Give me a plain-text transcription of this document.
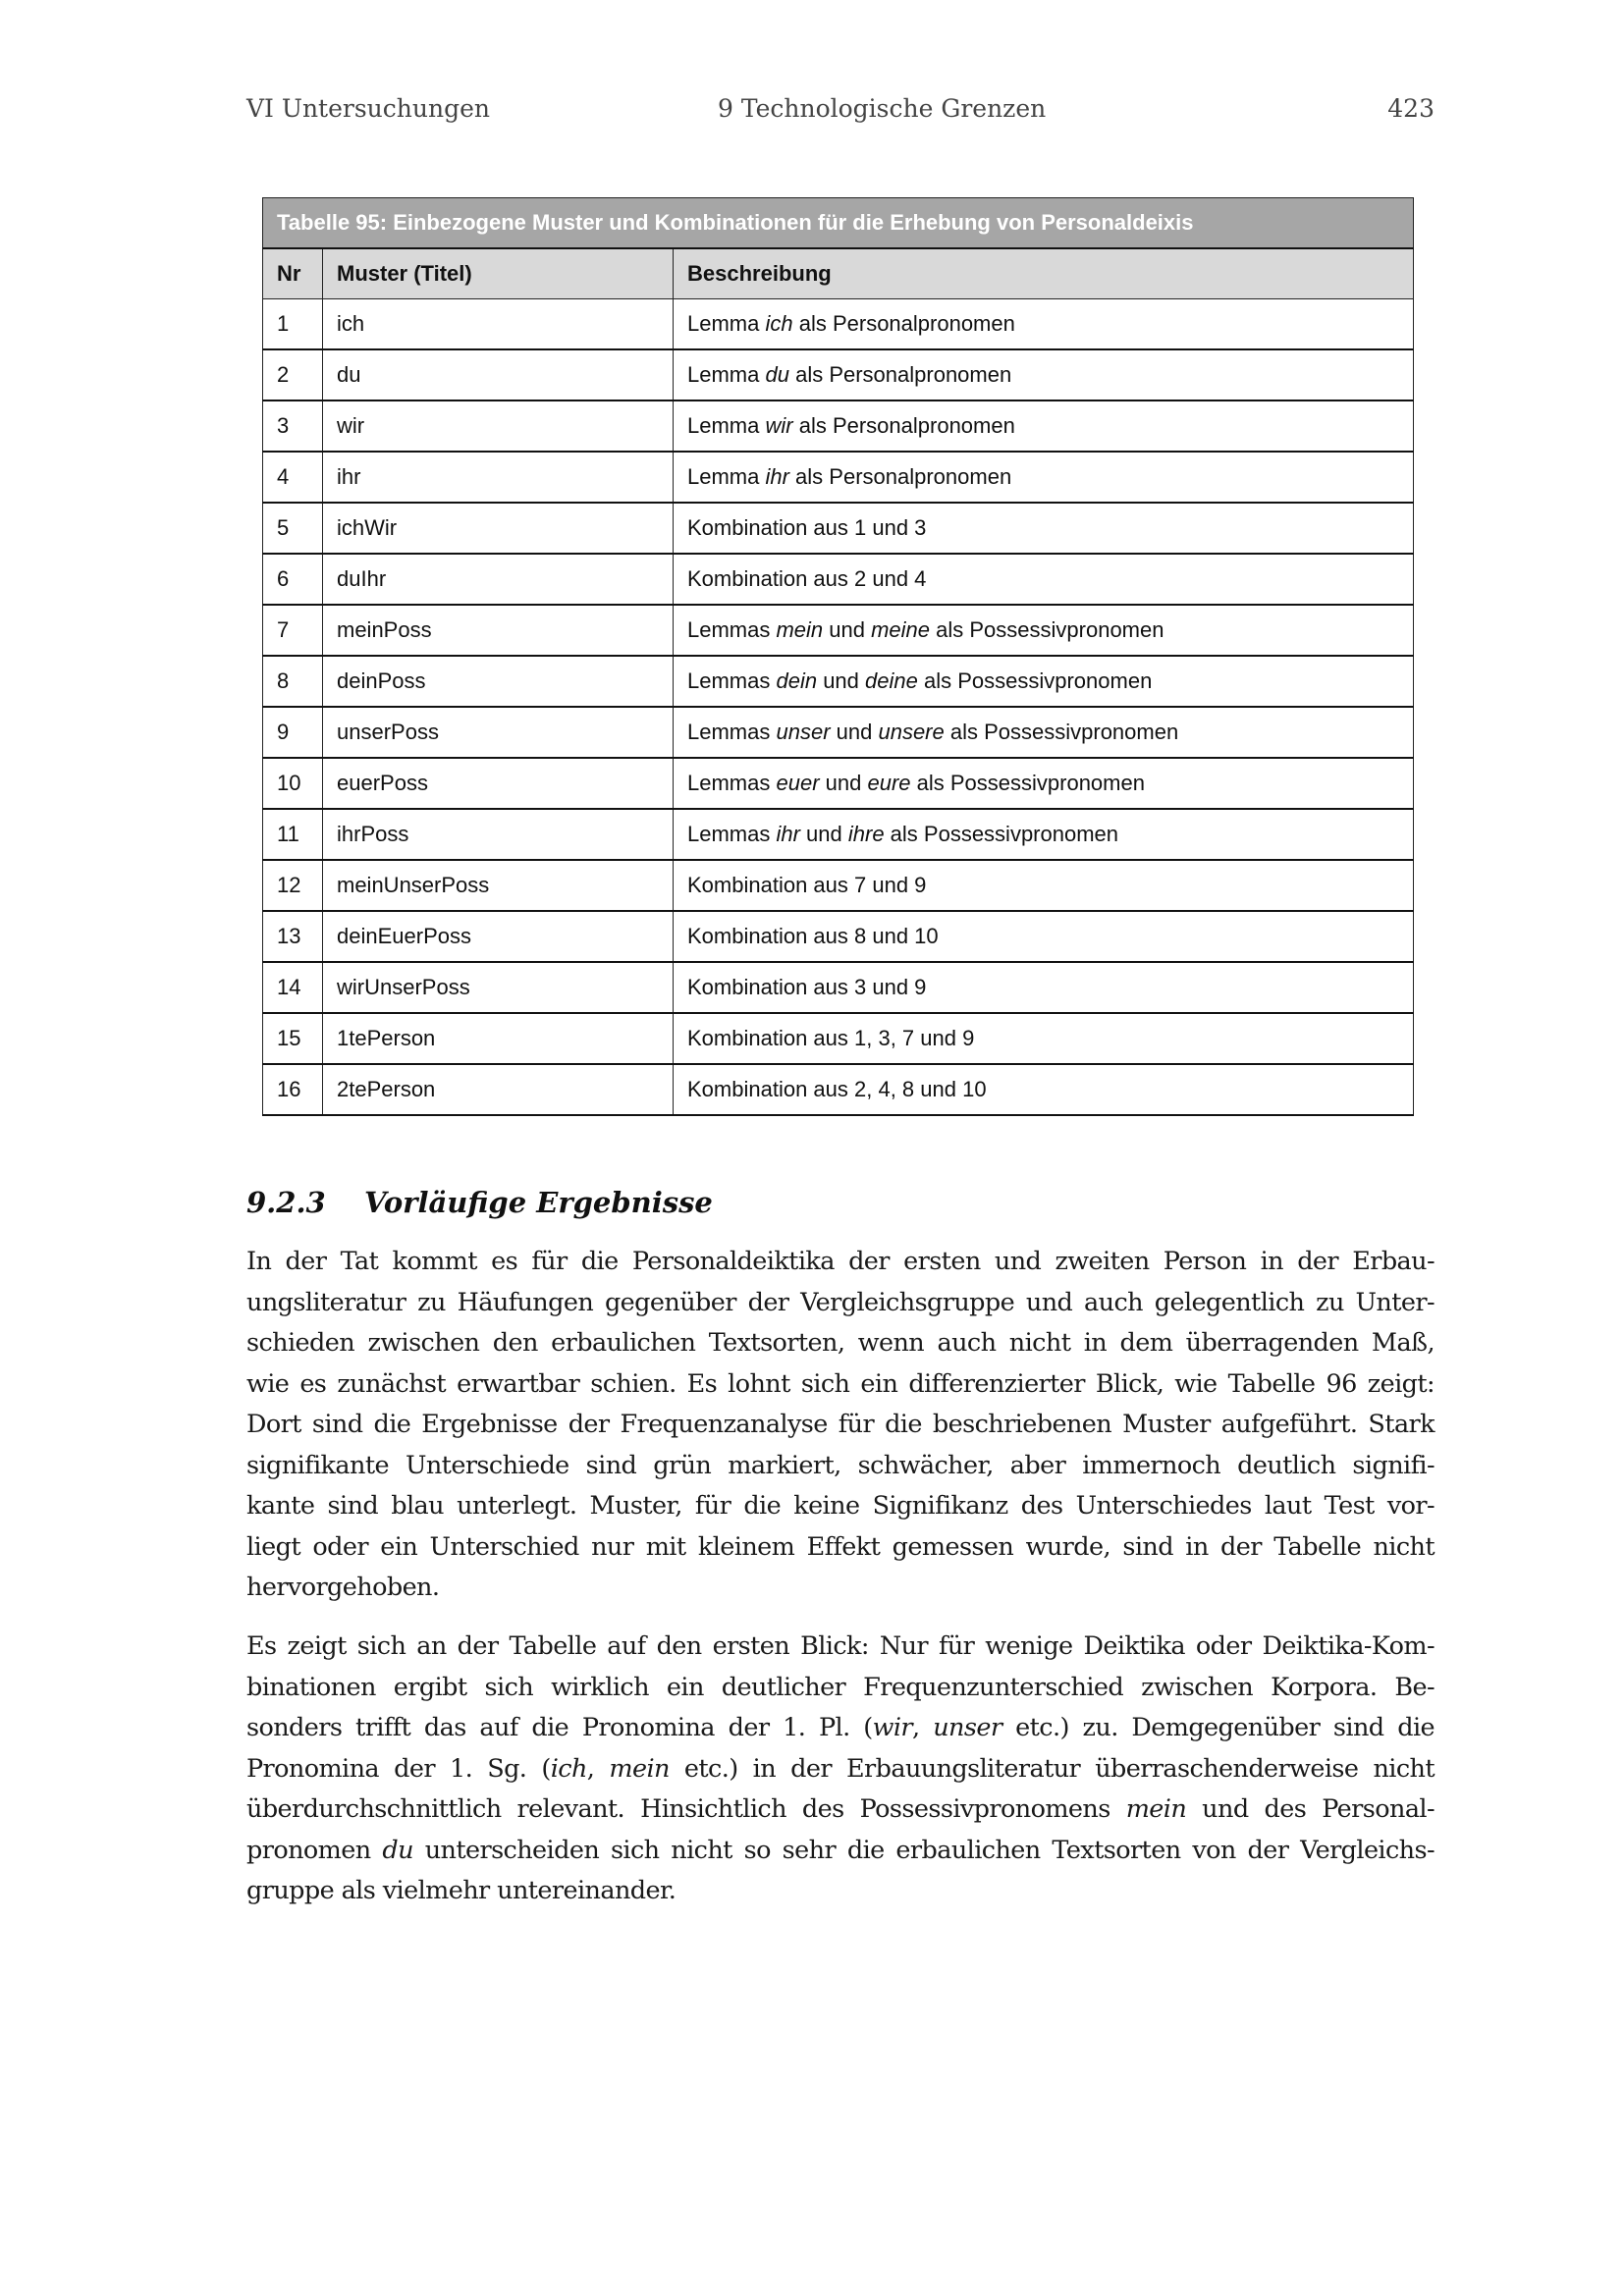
VI Untersuchungen	9 Technologische Grenzen	423
Tabelle 95: Einbezogene Muster und Kombinationen für die Erhebung von Personaldeixis		
Nr	Muster (Titel)	Beschreibung
1	ich	Lemma ich als Personalpronomen
2	du	Lemma du als Personalpronomen
3	wir	Lemma wir als Personalpronomen
4	ihr	Lemma ihr als Personalpronomen
5	ichWir	Kombination aus 1 und 3
6	duIhr	Kombination aus 2 und 4
7	meinPoss	Lemmas mein und meine als Possessivpronomen
8	deinPoss	Lemmas dein und deine als Possessivpronomen
9	unserPoss	Lemmas unser und unsere als Possessivpronomen
10	euerPoss	Lemmas euer und eure als Possessivpronomen
11	ihrPoss	Lemmas ihr und ihre als Possessivpronomen
12	meinUnserPoss	Kombination aus 7 und 9
13	deinEuerPoss	Kombination aus 8 und 10
14	wirUnserPoss	Kombination aus 3 und 9
15	1tePerson	Kombination aus 1, 3, 7 und 9
16	2tePerson	Kombination aus 2, 4, 8 und 10
9.2.3 Vorläufige Ergebnisse
In der Tat kommt es für die Personaldeiktika der ersten und zweiten Person in der Erbau-
ungsliteratur zu Häufungen gegenüber der Vergleichsgruppe und auch gelegentlich zu Unter-
schieden zwischen den erbaulichen Textsorten, wenn auch nicht in dem überragenden Maß,
wie es zunächst erwartbar schien. Es lohnt sich ein differenzierter Blick, wie Tabelle 96 zeigt:
Dort sind die Ergebnisse der Frequenzanalyse für die beschriebenen Muster aufgeführt. Stark
signifikante Unterschiede sind grün markiert, schwächer, aber immernoch deutlich signifi-
kante sind blau unterlegt. Muster, für die keine Signifikanz des Unterschiedes laut Test vor-
liegt oder ein Unterschied nur mit kleinem Effekt gemessen wurde, sind in der Tabelle nicht
hervorgehoben.
Es zeigt sich an der Tabelle auf den ersten Blick: Nur für wenige Deiktika oder Deiktika-Kom-
binationen ergibt sich wirklich ein deutlicher Frequenzunterschied zwischen Korpora. Be-
sonders trifft das auf die Pronomina der 1. Pl. (wir, unser etc.) zu. Demgegenüber sind die
Pronomina der 1. Sg. (ich, mein etc.) in der Erbauungsliteratur überraschenderweise nicht
überdurchschnittlich relevant. Hinsichtlich des Possessivpronomens mein und des Personal-
pronomen du unterscheiden sich nicht so sehr die erbaulichen Textsorten von der Vergleichs-
gruppe als vielmehr untereinander.
